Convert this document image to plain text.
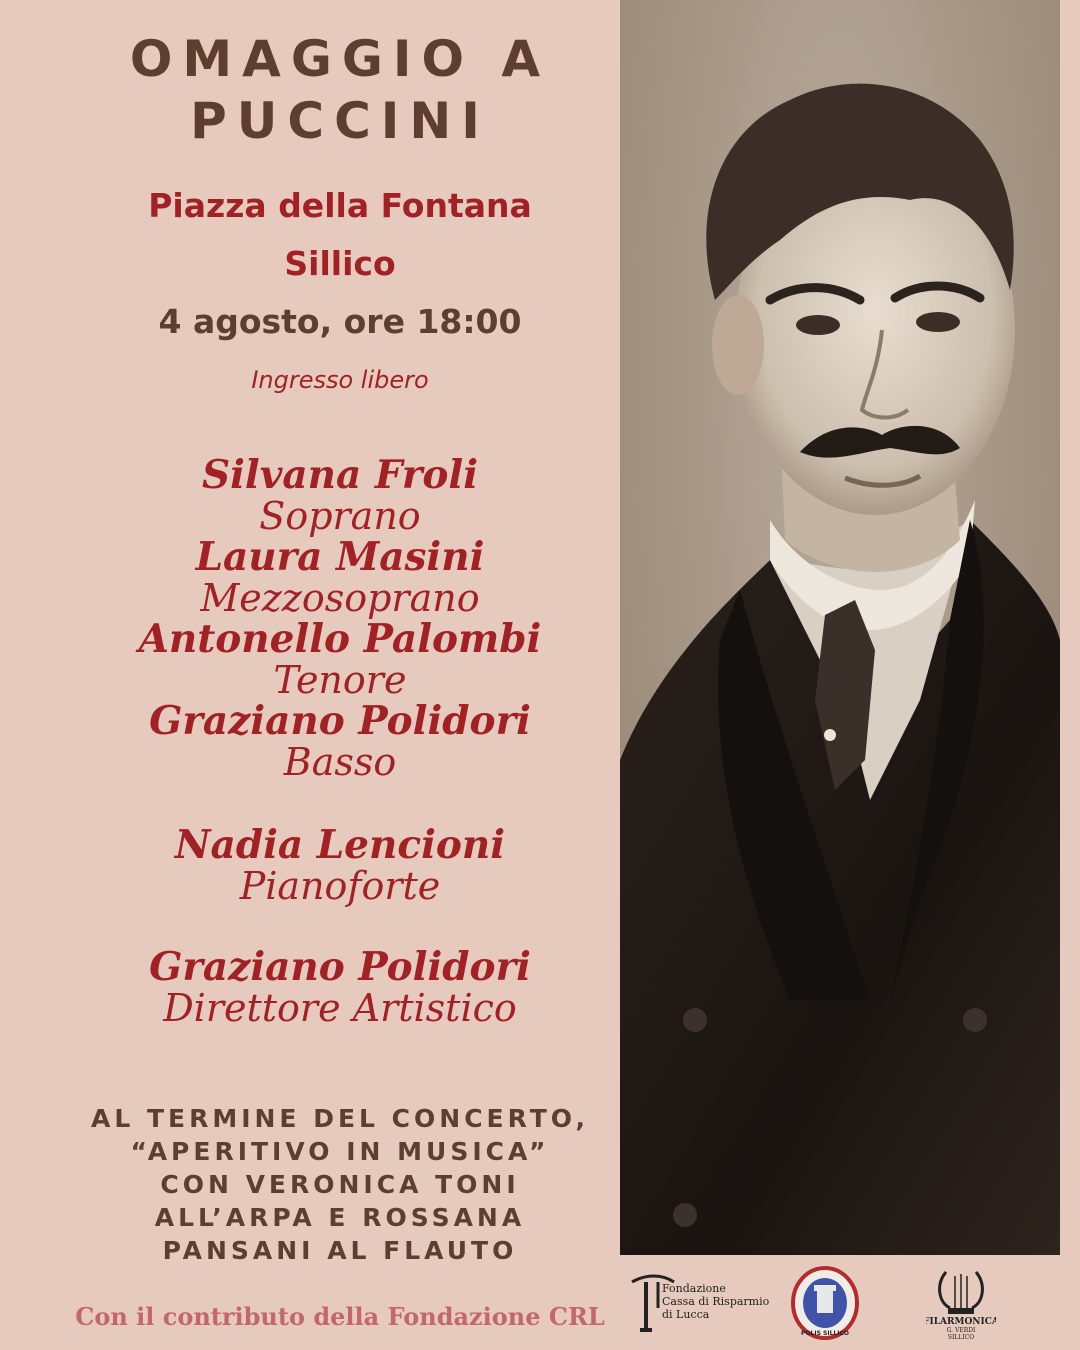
OMAGGIO A
PUCCINI
Piazza della Fontana
Sillico
4 agosto, ore 18:00
Ingresso libero
Silvana Froli
Soprano
Laura Masini
Mezzosoprano
Antonello Palombi
Tenore
Graziano Polidori
Basso
Nadia Lencioni
Pianoforte
Graziano Polidori
Direttore Artistico
AL TERMINE DEL CONCERTO,
“APERITIVO IN MUSICA”
CON VERONICA TONI
ALL’ARPA E ROSSANA
PANSANI AL FLAUTO
Con il contributo della Fondazione CRL
Fondazione
Cassa di Risparmio
di Lucca
POLIS SILLICO
FILARMONICA
G. VERDI
SILLICO
